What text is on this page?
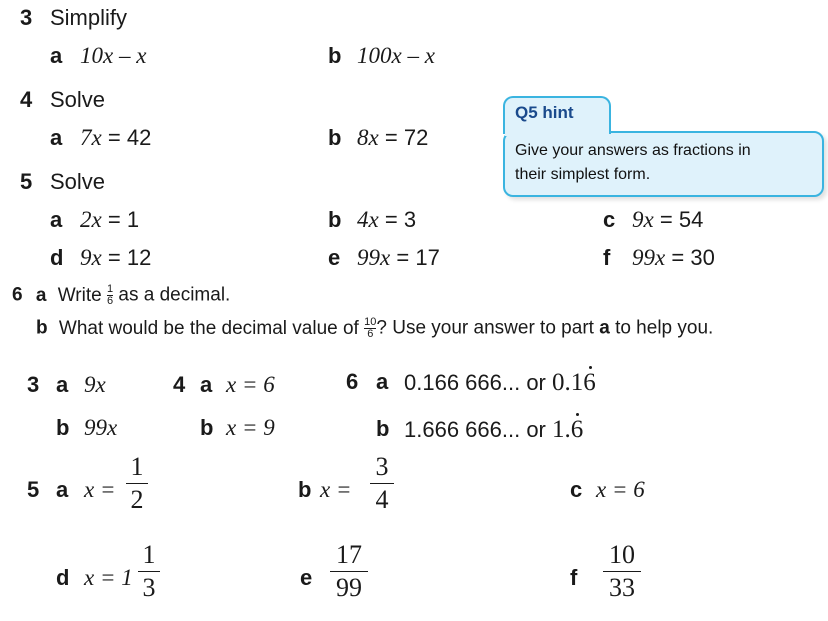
3 Simplify
a 10x – x	b 100x – x
4 Solve
a 7x = 42	b 8x = 72
Q5 hint
Give your answers as fractions in
their simplest form.
5 Solve
a 2x = 1	b 4x = 3	c 9x = 54
d 9x = 12	e 99x = 17	f 99x = 30
6 a Write $\frac{1}{6}$ as a decimal.
b What would be the decimal value of $\frac{10}{6}$ ? Use your answer to part a to help you.
3 a 9x
b 99x
4 a x = 6
b x = 9
6 a 0.166 666... or 0.16
b 1.666 666... or 1.6
5 a x =
1
2	b x =
3
4	c x = 6
d x = 1
1
3	e
17
99	f
10
33
